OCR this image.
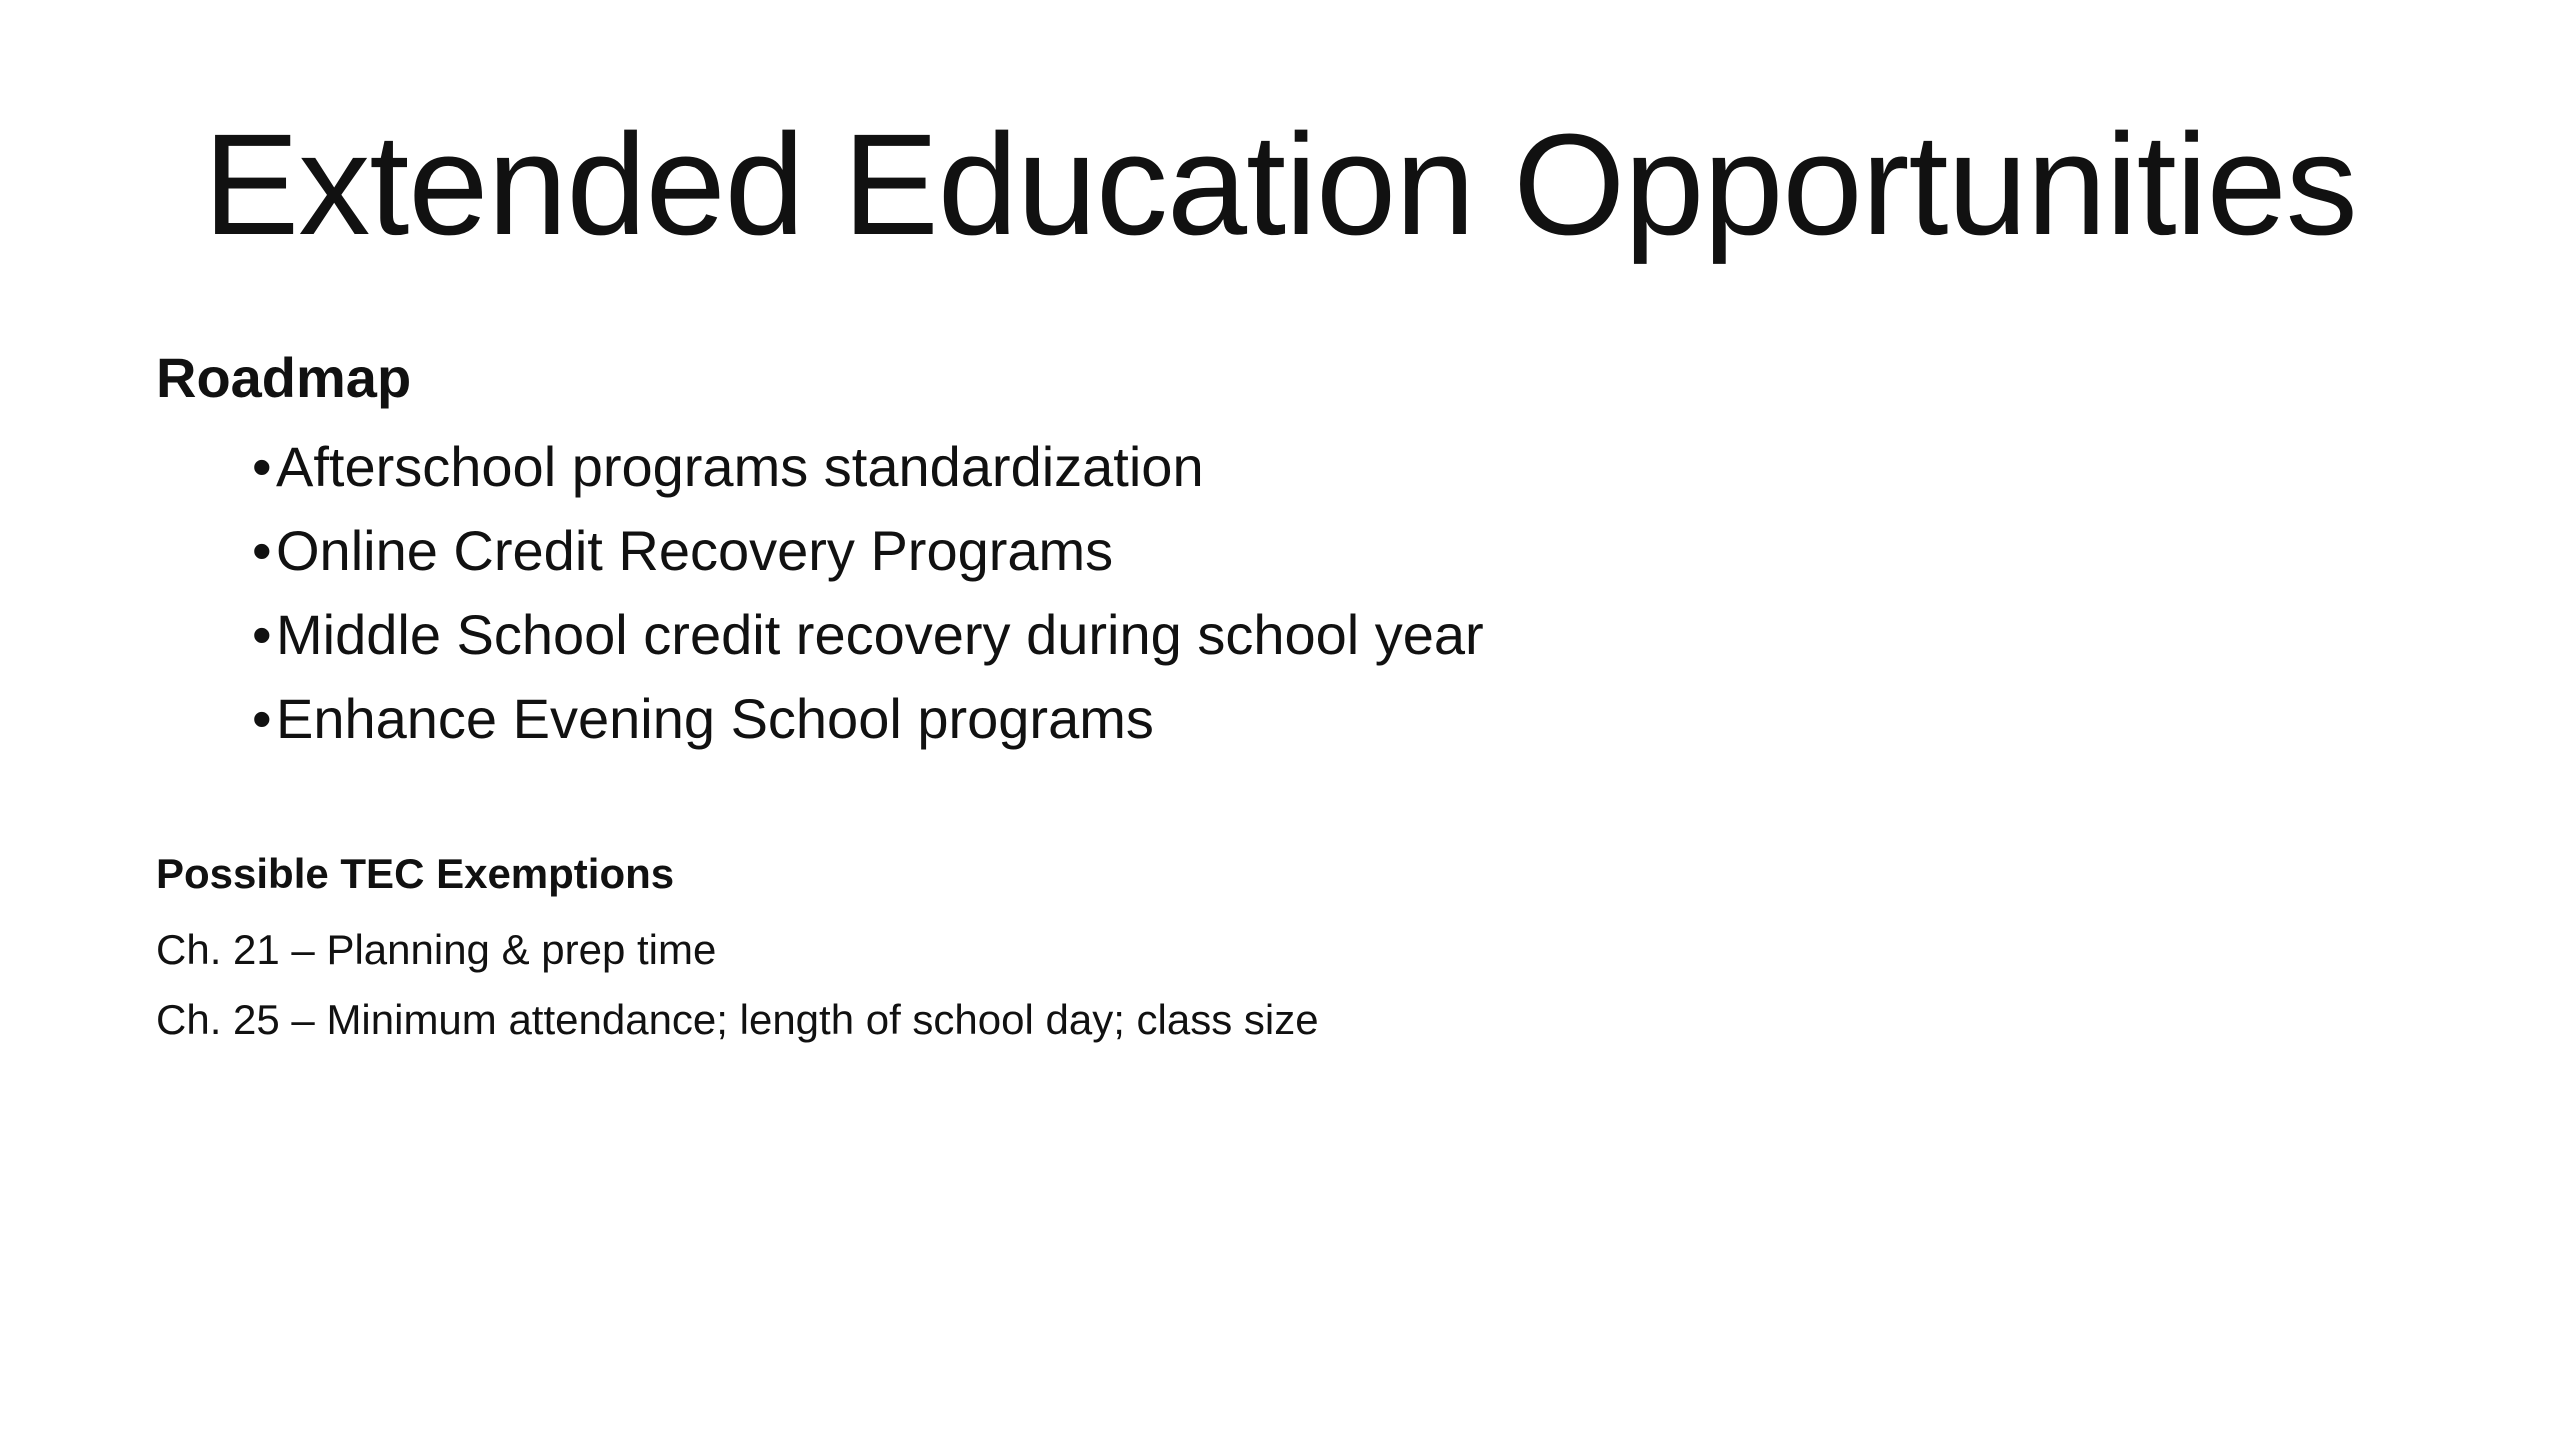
Extended Education Opportunities
Roadmap
•Afterschool programs standardization
•Online Credit Recovery Programs
•Middle School credit recovery during school year
•Enhance Evening School programs
Possible TEC Exemptions
Ch. 21 – Planning & prep time
Ch. 25 – Minimum attendance; length of school day; class size
